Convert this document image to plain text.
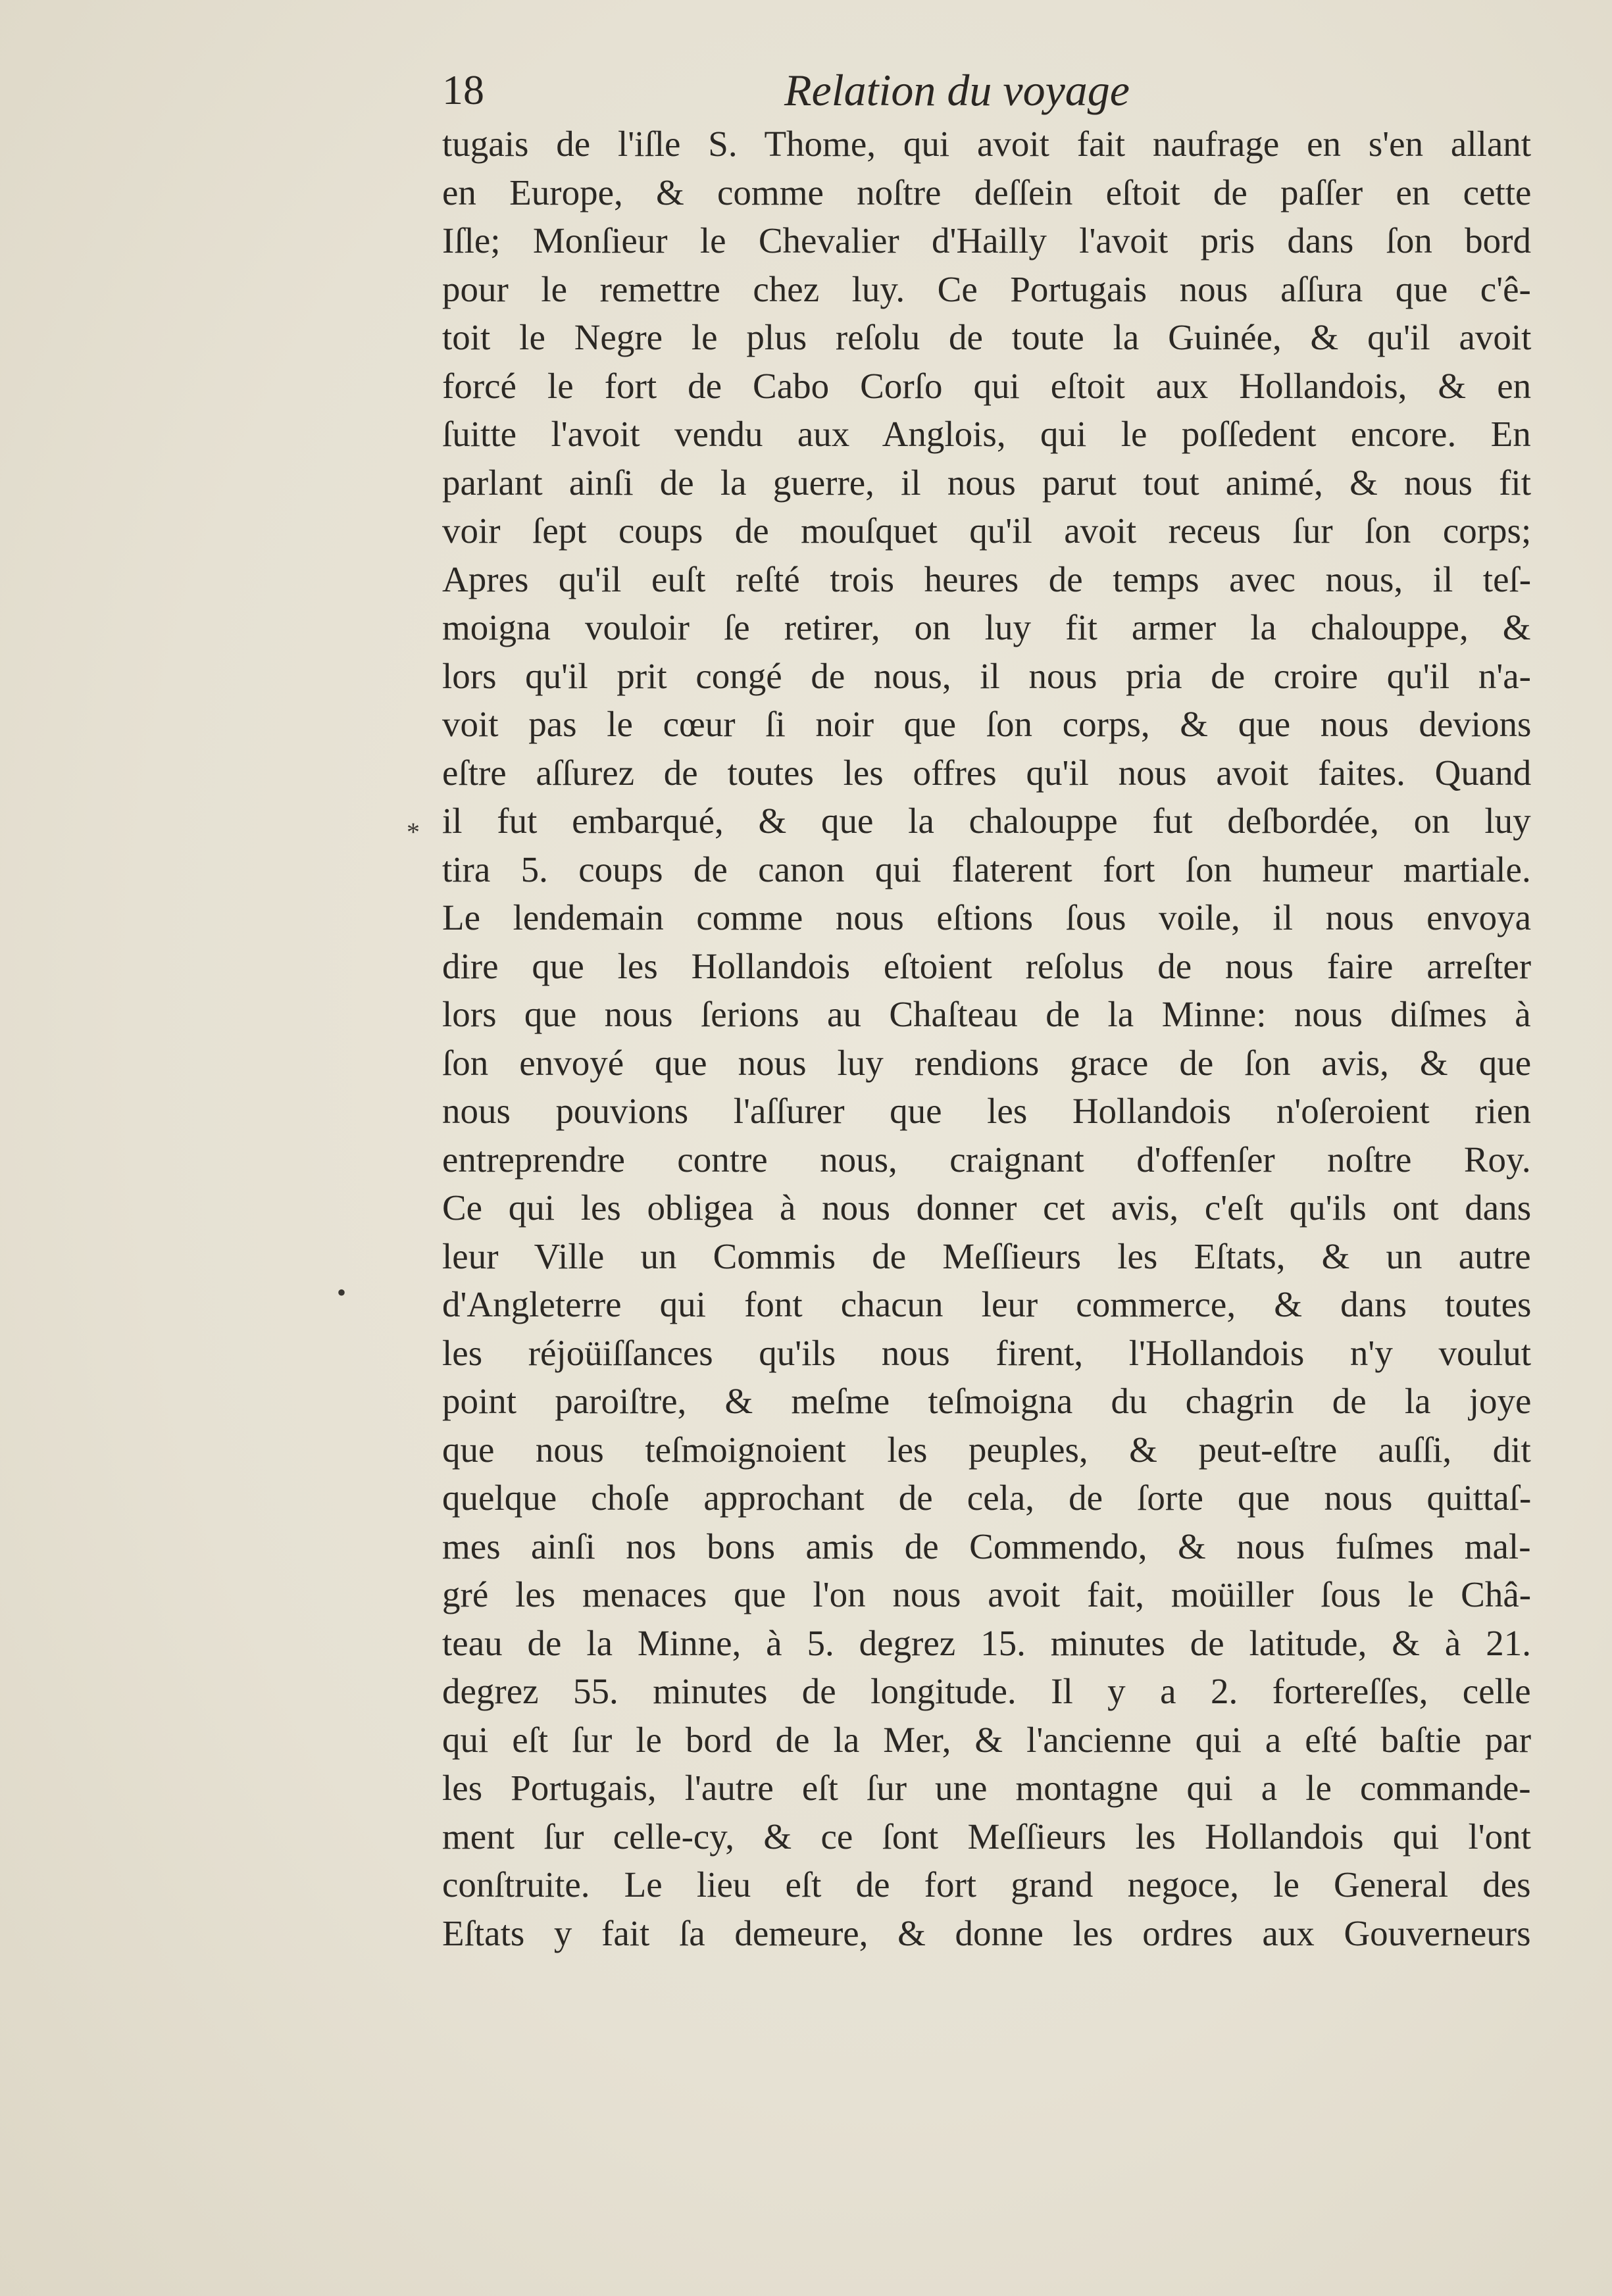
18	Relation du voyage
tugais de l'iſle S. Thome, qui avoit fait naufrage en s'en allant
en Europe, & comme noſtre deſſein eſtoit de paſſer en cette
Iſle; Monſieur le Chevalier d'Hailly l'avoit pris dans ſon bord
pour le remettre chez luy. Ce Portugais nous aſſura que c'ê-
toit le Negre le plus reſolu de toute la Guinée, & qu'il avoit
forcé le fort de Cabo Corſo qui eſtoit aux Hollandois, & en
ſuitte l'avoit vendu aux Anglois, qui le poſſedent encore. En
parlant ainſi de la guerre, il nous parut tout animé, & nous fit
voir ſept coups de mouſquet qu'il avoit receus ſur ſon corps;
Apres qu'il euſt reſté trois heures de temps avec nous, il teſ-
moigna vouloir ſe retirer, on luy fit armer la chalouppe, &
lors qu'il prit congé de nous, il nous pria de croire qu'il n'a-
voit pas le cœur ſi noir que ſon corps, & que nous devions
eſtre aſſurez de toutes les offres qu'il nous avoit faites. Quand
il fut embarqué, & que la chalouppe fut deſbordée, on luy
tira 5. coups de canon qui flaterent fort ſon humeur martiale.
Le lendemain comme nous eſtions ſous voile, il nous envoya
dire que les Hollandois eſtoient reſolus de nous faire arreſter
lors que nous ſerions au Chaſteau de la Minne: nous diſmes à
ſon envoyé que nous luy rendions grace de ſon avis, & que
nous pouvions l'aſſurer que les Hollandois n'oſeroient rien
entreprendre contre nous, craignant d'offenſer noſtre Roy.
Ce qui les obligea à nous donner cet avis, c'eſt qu'ils ont dans
leur Ville un Commis de Meſſieurs les Eſtats, & un autre
d'Angleterre qui font chacun leur commerce, & dans toutes
les réjoüiſſances qu'ils nous firent, l'Hollandois n'y voulut
point paroiſtre, & meſme teſmoigna du chagrin de la joye
que nous teſmoignoient les peuples, & peut-eſtre auſſi, dit
quelque choſe approchant de cela, de ſorte que nous quittaſ-
mes ainſi nos bons amis de Commendo, & nous fuſmes mal-
gré les menaces que l'on nous avoit fait, moüiller ſous le Châ-
teau de la Minne, à 5. degrez 15. minutes de latitude, & à 21.
degrez 55. minutes de longitude. Il y a 2. fortereſſes, celle
qui eſt ſur le bord de la Mer, & l'ancienne qui a eſté baſtie par
les Portugais, l'autre eſt ſur une montagne qui a le commande-
ment ſur celle-cy, & ce ſont Meſſieurs les Hollandois qui l'ont
conſtruite. Le lieu eſt de fort grand negoce, le General des
Eſtats y fait ſa demeure, & donne les ordres aux Gouverneurs
*
•
